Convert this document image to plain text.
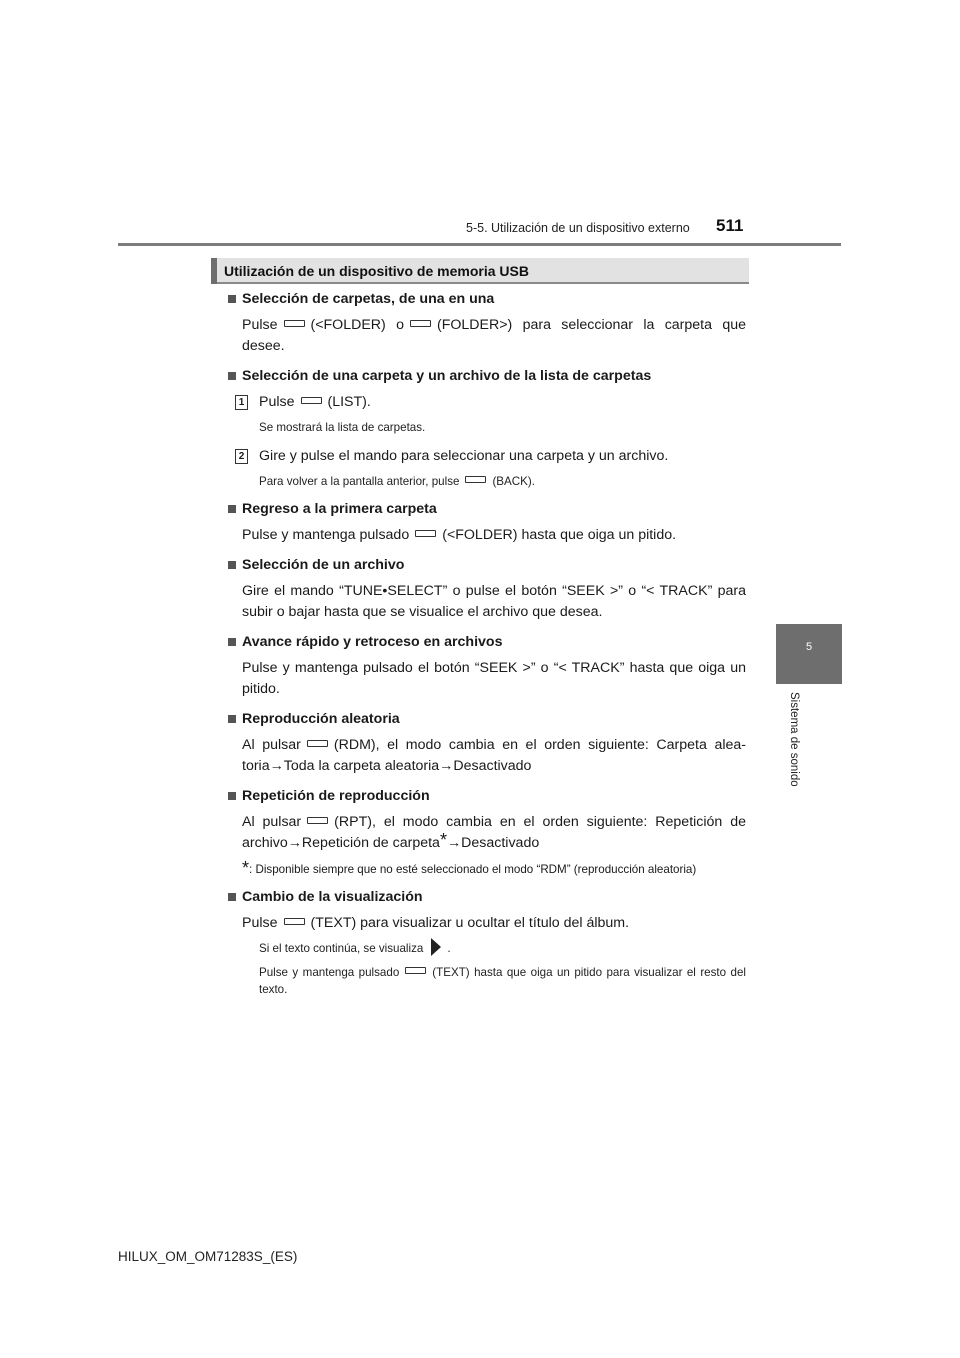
5-5. Utilización de un dispositivo externo 511
5
Sistema de sonido
Utilización de un dispositivo de memoria USB
Selección de carpetas, de una en una
Pulse (<FOLDER) o (FOLDER>) para seleccionar la carpeta que desee.
Selección de una carpeta y un archivo de la lista de carpetas
1	Pulse (LIST).
Se mostrará la lista de carpetas.
2	Gire y pulse el mando para seleccionar una carpeta y un archivo.
Para volver a la pantalla anterior, pulse	(BACK).
Regreso a la primera carpeta
Pulse y mantenga pulsado (<FOLDER) hasta que oiga un pitido.
Selección de un archivo
Gire el mando “TUNE•SELECT” o pulse el botón “SEEK >” o “< TRACK” para subir o bajar hasta que se visualice el archivo que desea.
Avance rápido y retroceso en archivos
Pulse y mantenga pulsado el botón “SEEK >” o “< TRACK” hasta que oiga un pitido.
Reproducción aleatoria
Al pulsar (RDM), el modo cambia en el orden siguiente: Carpeta alea-toria→Toda la carpeta aleatoria→Desactivado
Repetición de reproducción
Al pulsar (RPT), el modo cambia en el orden siguiente: Repetición de archivo→Repetición de carpeta*→Desactivado
*: Disponible siempre que no esté seleccionado el modo “RDM” (reproducción aleatoria)
Cambio de la visualización
Pulse (TEXT) para visualizar u ocultar el título del álbum.
Si el texto continúa, se visualiza .
Pulse y mantenga pulsado	(TEXT) hasta que oiga un pitido para visualizar el resto del texto.
HILUX_OM_OM71283S_(ES)
